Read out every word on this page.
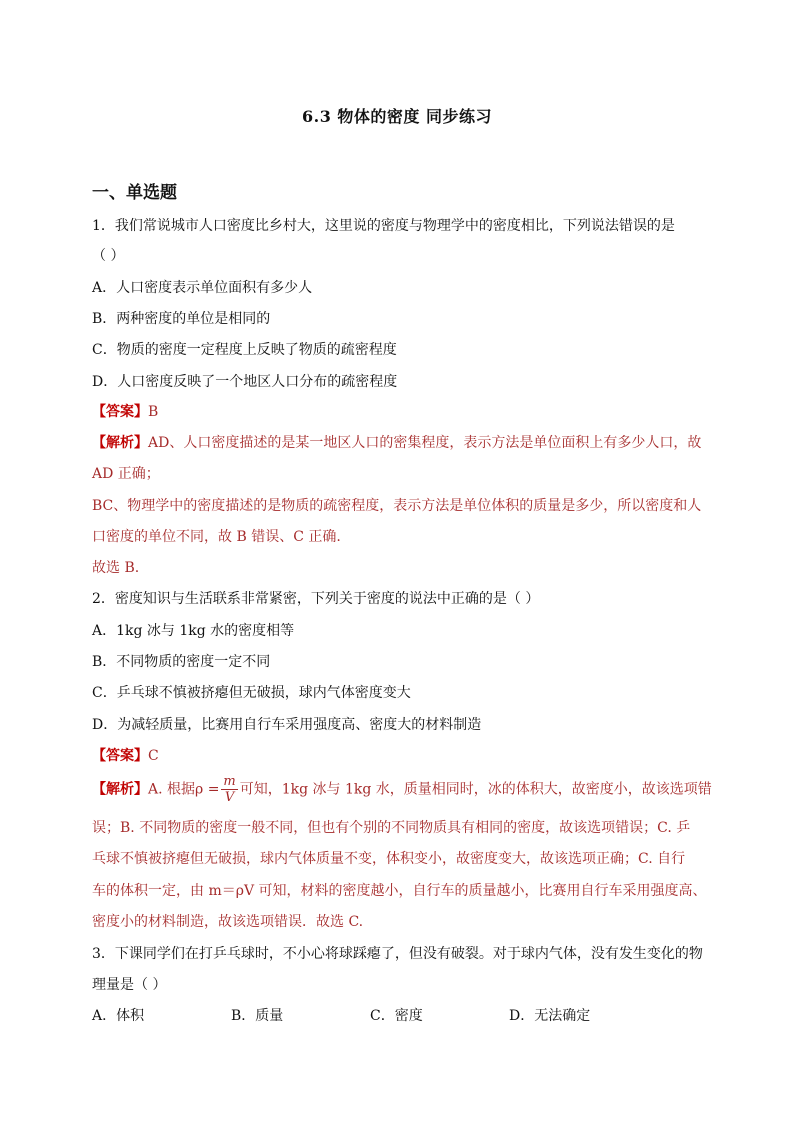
6.3 物体的密度 同步练习
一、单选题
1．我们常说城市人口密度比乡村大，这里说的密度与物理学中的密度相比，下列说法错误的是
（ ）
A．人口密度表示单位面积有多少人
B．两种密度的单位是相同的
C．物质的密度一定程度上反映了物质的疏密程度
D．人口密度反映了一个地区人口分布的疏密程度
【答案】B
【解析】AD、人口密度描述的是某一地区人口的密集程度，表示方法是单位面积上有多少人口，故
AD 正确；
BC、物理学中的密度描述的是物质的疏密程度，表示方法是单位体积的质量是多少，所以密度和人
口密度的单位不同，故 B 错误、C 正确.
故选 B.
2．密度知识与生活联系非常紧密，下列关于密度的说法中正确的是（ ）
A．1kg 冰与 1kg 水的密度相等
B．不同物质的密度一定不同
C．乒乓球不慎被挤瘪但无破损，球内气体密度变大
D．为减轻质量，比赛用自行车采用强度高、密度大的材料制造
【答案】C
【解析】A. 根据$\rho = \frac{m}{V}$ 可知，1kg 冰与 1kg 水，质量相同时，冰的体积大，故密度小，故该选项错
误；B. 不同物质的密度一般不同，但也有个别的不同物质具有相同的密度，故该选项错误；C. 乒
乓球不慎被挤瘪但无破损，球内气体质量不变，体积变小，故密度变大，故该选项正确；C. 自行
车的体积一定，由 m＝ρV 可知，材料的密度越小，自行车的质量越小，比赛用自行车采用强度高、
密度小的材料制造，故该选项错误．故选 C.
3．下课同学们在打乒乓球时，不小心将球踩瘪了，但没有破裂。对于球内气体，没有发生变化的物
理量是（ ）
A．体积	B．质量	C．密度	D．无法确定
